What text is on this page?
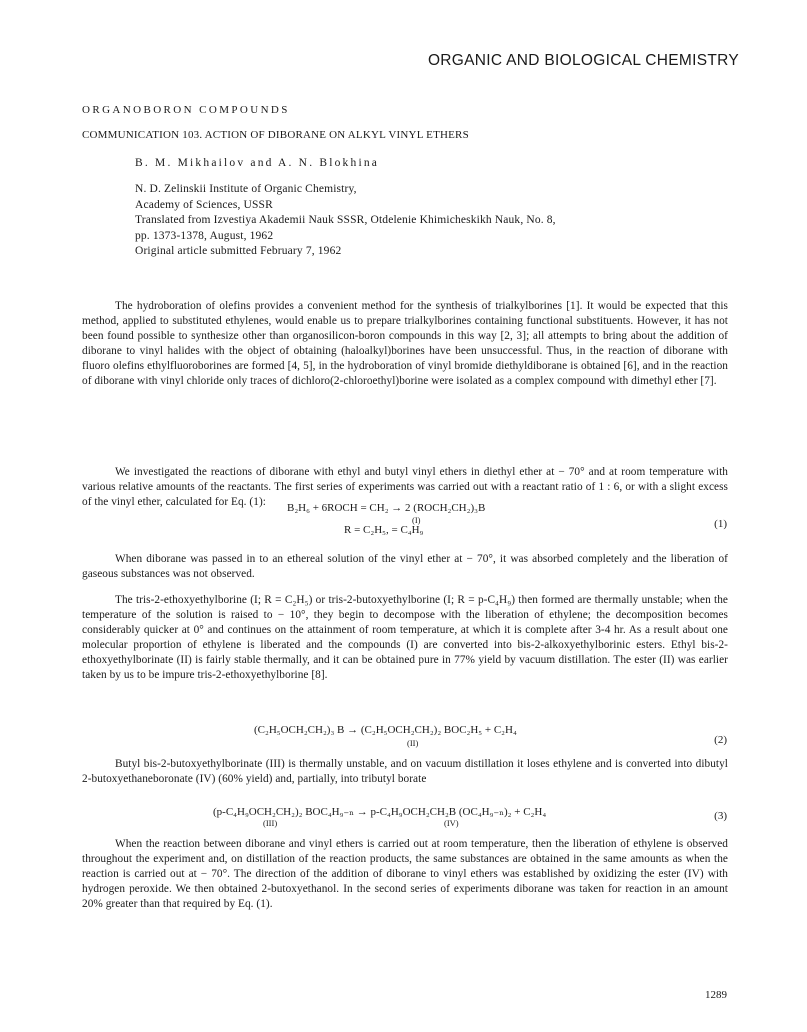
ORGANIC AND BIOLOGICAL CHEMISTRY
ORGANOBORON COMPOUNDS
COMMUNICATION 103. ACTION OF DIBORANE ON ALKYL VINYL ETHERS
B. M. Mikhailov and A. N. Blokhina
N. D. Zelinskii Institute of Organic Chemistry,
Academy of Sciences, USSR
Translated from Izvestiya Akademii Nauk SSSR, Otdelenie Khimicheskikh Nauk, No. 8,
pp. 1373-1378, August, 1962
Original article submitted February 7, 1962

The hydroboration of olefins provides a convenient method for the synthesis of trialkylborines [1]. It would be expected that this method, applied to substituted ethylenes, would enable us to prepare trialkylborines containing functional substituents. However, it has not been found possible to synthesize other than organosilicon-boron compounds in this way [2, 3]; all attempts to bring about the addition of diborane to vinyl halides with the object of obtaining (haloalkyl)borines have been unsuccessful. Thus, in the reaction of diborane with fluoro olefins ethylfluoroborines are formed [4, 5], in the hydroboration of vinyl bromide diethyldiborane is obtained [6], and in the reaction of diborane with vinyl chloride only traces of dichloro(2-chloroethyl)borine were isolated as a complex compound with dimethyl ether [7].

We investigated the reactions of diborane with ethyl and butyl vinyl ethers in diethyl ether at − 70° and at room temperature with various relative amounts of the reactants. The first series of experiments was carried out with a reactant ratio of 1 : 6, or with a slight excess of the vinyl ether, calculated for Eq. (1):	B₂H₆ + 6ROCH = CH₂ → 2 (ROCH₂CH₂)₃B
(I)
R = C₂H₅, = C₄H₉	(1)

When diborane was passed in to an ethereal solution of the vinyl ether at − 70°, it was absorbed completely and the liberation of gaseous substances was not observed.

The tris-2-ethoxyethylborine (I; R = C₂H₅) or tris-2-butoxyethylborine (I; R = p-C₄H₉) then formed are thermally unstable; when the temperature of the solution is raised to − 10°, they begin to decompose with the liberation of ethylene; the decomposition becomes considerably quicker at 0° and continues on the attainment of room temperature, at which it is complete after 3-4 hr. As a result about one molecular proportion of ethylene is liberated and the compounds (I) are converted into bis-2-alkoxyethylborinic esters. Ethyl bis-2-ethoxyethylborinate (II) is fairly stable thermally, and it can be obtained pure in 77% yield by vacuum distillation. The ester (II) was earlier taken by us to be impure tris-2-ethoxyethylborine [8].

(C₂H₅OCH₂CH₂)₃ B → (C₂H₅OCH₂CH₂)₂ BOC₂H₅ + C₂H₄
(II)	(2)

Butyl bis-2-butoxyethylborinate (III) is thermally unstable, and on vacuum distillation it loses ethylene and is converted into dibutyl 2-butoxyethaneboronate (IV) (60% yield) and, partially, into tributyl borate

(p-C₄H₉OCH₂CH₂)₂ BOC₄H₉₋ₙ → p-C₄H₉OCH₂CH₂B (OC₄H₉₋ₙ)₂ + C₂H₄
(III)	(IV)
(3)

When the reaction between diborane and vinyl ethers is carried out at room temperature, then the liberation of ethylene is observed throughout the experiment and, on distillation of the reaction products, the same substances are obtained in the same amounts as when the reaction is carried out at − 70°. The direction of the addition of diborane to vinyl ethers was established by oxidizing the ester (IV) with hydrogen peroxide. We then obtained 2-butoxyethanol. In the second series of experiments diborane was taken for reaction in an amount 20% greater than that required by Eq. (1).

1289
